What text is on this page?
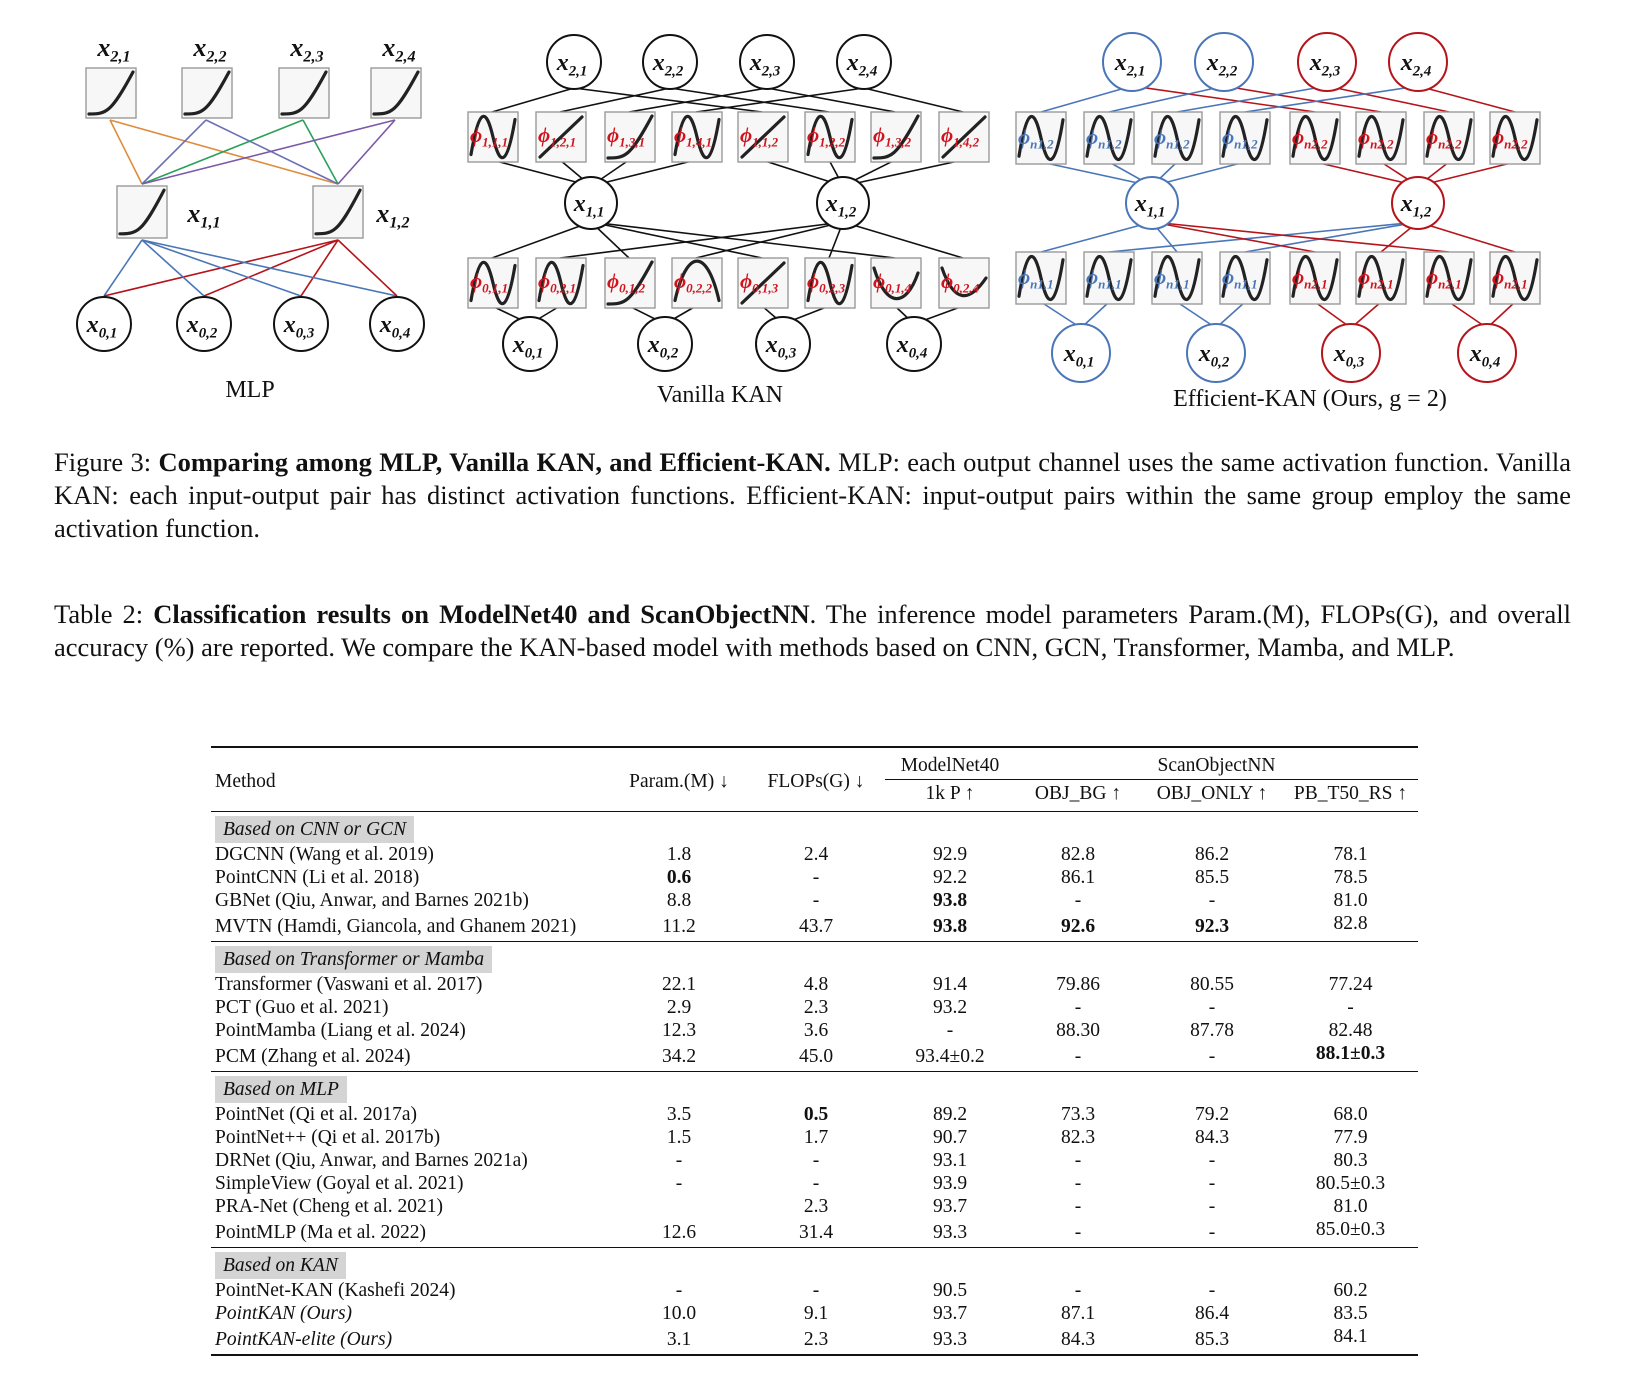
$x_{2,1}$ $x_{2,2}$ $x_{2,3}$ $x_{2,4}$
$x_{1,1}$	$x_{1,2}$
$x_{0,1}$	$x_{0,2}$	$x_{0,3}$	$x_{0,4}$
MLP
$x_{2,1}$	$x_{2,2}$	$x_{2,3}$	$x_{2,4}$
$\phi_{1,1,1}$ $\phi_{1,2,1}$ $\phi_{1,3,1}$ $\phi_{1,4,1}$ $\phi_{1,1,2}$ $\phi_{1,2,2}$ $\phi_{1,3,2}$ $\phi_{1,4,2}$
$x_{1,1}$	$x_{1,2}$
$\phi_{0,1,1}$ $\phi_{0,2,1}$ $\phi_{0,1,2}$ $\phi_{0,2,2}$ $\phi_{0,1,3}$ $\phi_{0,2,3}$ $\phi_{0,1,4}$ $\phi_{0,2,4}$
$x_{0,1}$	$x_{0,2}$	$x_{0,3}$	$x_{0,4}$
Vanilla KAN
$x_{2,1}$	$x_{2,2}$	$x_{2,3}$	$x_{2,4}$
$\phi_{n1,2}$ $\phi_{n1,2}$ $\phi_{n1,2}$ $\phi_{n1,2}$ $\phi_{n2,2}$ $\phi_{n2,2}$ $\phi_{n2,2}$ $\phi_{n2,2}$
$x_{1,1}$	$x_{1,2}$
$\phi_{n1,1}$ $\phi_{n1,1}$ $\phi_{n1,1}$ $\phi_{n1,1}$ $\phi_{n2,1}$ $\phi_{n2,1}$ $\phi_{n2,1}$ $\phi_{n2,1}$
$x_{0,1}$	$x_{0,2}$	$x_{0,3}$	$x_{0,4}$
Efficient-KAN (Ours, g = 2)
Figure 3: Comparing among MLP, Vanilla KAN, and Efficient-KAN. MLP: each output channel uses the same activation function. Vanilla KAN: each input-output pair has distinct activation functions. Efficient-KAN: input-output pairs within the same group employ the same activation function.
Table 2: Classification results on ModelNet40 and ScanObjectNN. The inference model parameters Param.(M), FLOPs(G), and overall accuracy (%) are reported. We compare the KAN-based model with methods based on CNN, GCN, Transformer, Mamba, and MLP.
Method	Param.(M) ↓	FLOPs(G) ↓	ModelNet40	ScanObjectNN		
			1k P ↑	OBJ_BG ↑	OBJ_ONLY ↑	PB_T50_RS ↑
Based on CNN or GCN						
DGCNN (Wang et al. 2019)	1.8	2.4	92.9	82.8	86.2	78.1
PointCNN (Li et al. 2018)	0.6	-	92.2	86.1	85.5	78.5
GBNet (Qiu, Anwar, and Barnes 2021b)	8.8	-	93.8	-	-	81.0
MVTN (Hamdi, Giancola, and Ghanem 2021)	11.2	43.7	93.8	92.6	92.3	82.8
Based on Transformer or Mamba						
Transformer (Vaswani et al. 2017)	22.1	4.8	91.4	79.86	80.55	77.24
PCT (Guo et al. 2021)	2.9	2.3	93.2	-	-	-
PointMamba (Liang et al. 2024)	12.3	3.6	-	88.30	87.78	82.48
PCM (Zhang et al. 2024)	34.2	45.0	93.4±0.2	-	-	88.1±0.3
Based on MLP						
PointNet (Qi et al. 2017a)	3.5	0.5	89.2	73.3	79.2	68.0
PointNet++ (Qi et al. 2017b)	1.5	1.7	90.7	82.3	84.3	77.9
DRNet (Qiu, Anwar, and Barnes 2021a)	-	-	93.1	-	-	80.3
SimpleView (Goyal et al. 2021)	-	-	93.9	-	-	80.5±0.3
PRA-Net (Cheng et al. 2021)		2.3	93.7	-	-	81.0
PointMLP (Ma et al. 2022)	12.6	31.4	93.3	-	-	85.0±0.3
Based on KAN						
PointNet-KAN (Kashefi 2024)	-	-	90.5	-	-	60.2
PointKAN (Ours)	10.0	9.1	93.7	87.1	86.4	83.5
PointKAN-elite (Ours)	3.1	2.3	93.3	84.3	85.3	84.1
